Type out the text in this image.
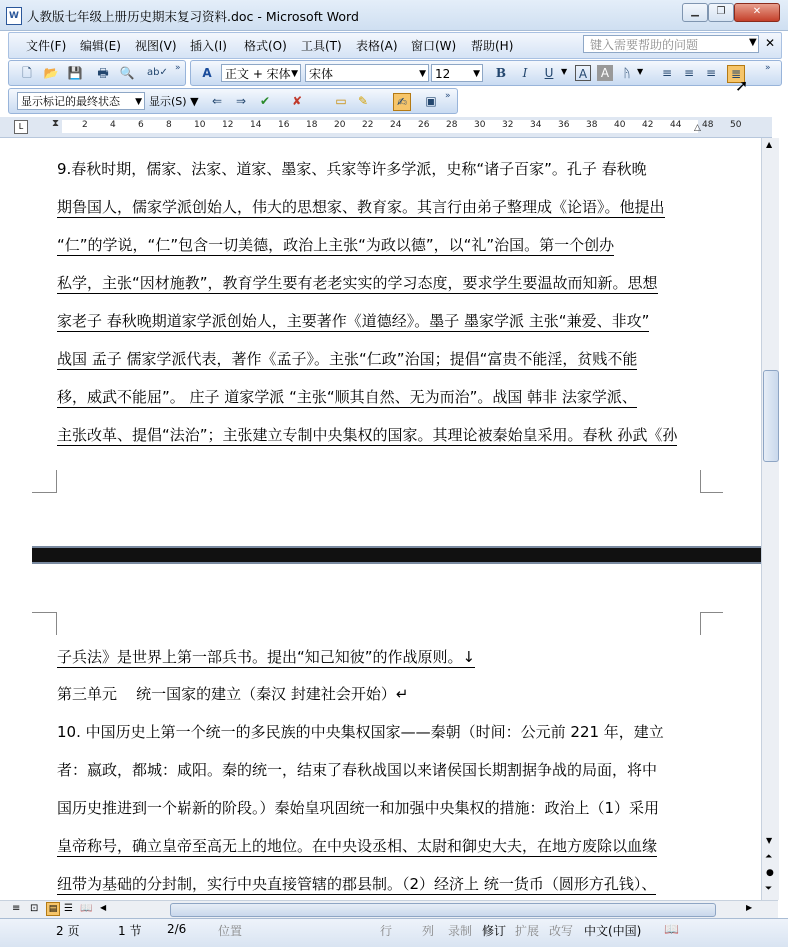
W 人教版七年级上册历史期末复习资料.doc - Microsoft Word	▁	❐	✕
文件(F) 编辑(E) 视图(V) 插入(I) 格式(O) 工具(T) 表格(A) 窗口(W) 帮助(H)	键入需要帮助的问题	▼ ✕
🗋 📂 💾 🖶 🔍 ab✓ » A	正文 + 宋体 ▼ 宋体	▼ 12	▼ B	I	U ▼ A	A	ᚤ ▼ ≡ ≡ ≡	≣	»
显示标记的最终状态 ▼ 显示(S) ▼ ⇐ ⇒ ✔ ✘	▭ ✎	✍	▣ »
L	⧗	△
2 4 6 8 10 12 14 16 18 20 22 24 26 28 30 32 34 36 38 40 42 44 48 50
9.春秋时期，儒家、法家、道家、墨家、兵家等许多学派，史称“诸子百家”。孔子 春秋晚
期鲁国人，儒家学派创始人，伟大的思想家、教育家。其言行由弟子整理成《论语》。他提出
“仁”的学说，“仁”包含一切美德，政治上主张“为政以德”，以“礼”治国。第一个创办
私学，主张“因材施教”，教育学生要有老老实实的学习态度，要求学生要温故而知新。思想
家老子 春秋晚期道家学派创始人，主要著作《道德经》。墨子 墨家学派 主张“兼爱、非攻”
战国 孟子 儒家学派代表，著作《孟子》。主张“仁政”治国；提倡“富贵不能淫，贫贱不能
移，威武不能屈”。 庄子 道家学派 “主张“顺其自然、无为而治”。战国 韩非 法家学派、
主张改革、提倡“法治”；主张建立专制中央集权的国家。其理论被秦始皇采用。春秋 孙武《孙
子兵法》是世界上第一部兵书。提出“知己知彼”的作战原则。↓
第三单元    统一国家的建立（秦汉 封建社会开始）↵
10. 中国历史上第一个统一的多民族的中央集权国家——秦朝（时间：公元前 221 年，建立
者：嬴政，都城：咸阳。秦的统一，结束了春秋战国以来诸侯国长期割据争战的局面，将中
国历史推进到一个崭新的阶段。）秦始皇巩固统一和加强中央集权的措施：政治上（1）采用
皇帝称号，确立皇帝至高无上的地位。在中央设丞相、太尉和御史大夫，在地方废除以血缘
纽带为基础的分封制，实行中央直接管辖的郡县制。（2）经济上 统一货币（圆形方孔钱）、
➚
▲
▼
⏶
●
⏷
≡ ⊡	▤ ☰ 📖 ◀	▶
2 页	1 节 2/6	位置	行 列 录制 修订 扩展 改写 中文(中国) 📖
